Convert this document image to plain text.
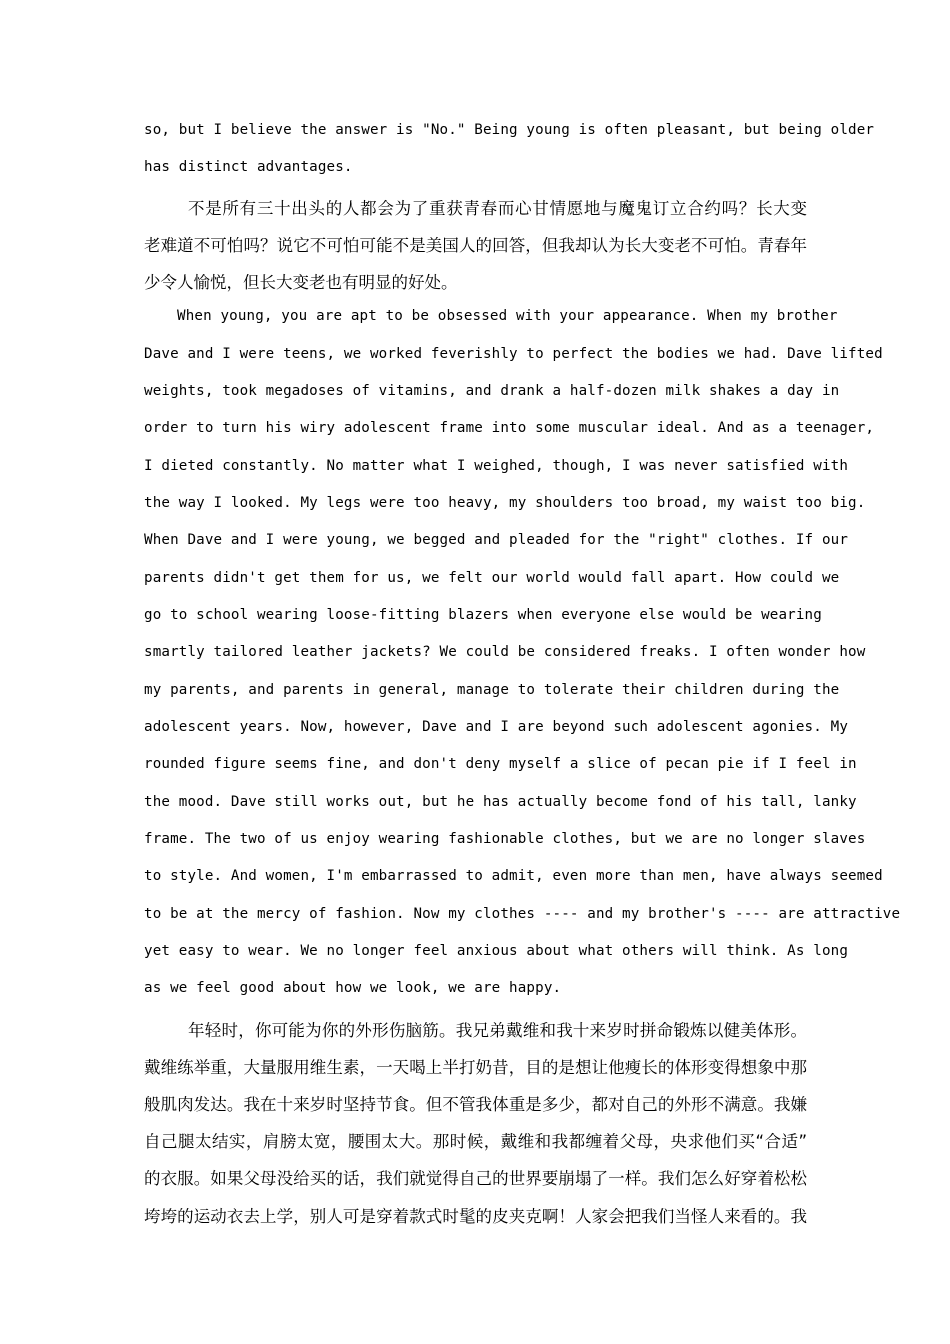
so, but I believe the answer is "No." Being young is often pleasant, but being older
has distinct advantages.
不是所有三十出头的人都会为了重获青春而心甘情愿地与魔鬼订立合约吗？长大变
老难道不可怕吗？说它不可怕可能不是美国人的回答，但我却认为长大变老不可怕。青春年
少令人愉悦，但长大变老也有明显的好处。
When young, you are apt to be obsessed with your appearance. When my brother
Dave and I were teens, we worked feverishly to perfect the bodies we had. Dave lifted
weights, took megadoses of vitamins, and drank a half-dozen milk shakes a day in
order to turn his wiry adolescent frame into some muscular ideal. And as a teenager,
I dieted constantly. No matter what I weighed, though, I was never satisfied with
the way I looked. My legs were too heavy, my shoulders too broad, my waist too big.
When Dave and I were young, we begged and pleaded for the "right" clothes. If our
parents didn't get them for us, we felt our world would fall apart. How could we
go to school wearing loose-fitting blazers when everyone else would be wearing
smartly tailored leather jackets? We could be considered freaks. I often wonder how
my parents, and parents in general, manage to tolerate their children during the
adolescent years. Now, however, Dave and I are beyond such adolescent agonies. My
rounded figure seems fine, and don't deny myself a slice of pecan pie if I feel in
the mood. Dave still works out, but he has actually become fond of his tall, lanky
frame. The two of us enjoy wearing fashionable clothes, but we are no longer slaves
to style. And women, I'm embarrassed to admit, even more than men, have always seemed
to be at the mercy of fashion. Now my clothes ---- and my brother's ---- are attractive
yet easy to wear. We no longer feel anxious about what others will think. As long
as we feel good about how we look, we are happy.
年轻时，你可能为你的外形伤脑筋。我兄弟戴维和我十来岁时拼命锻炼以健美体形。
戴维练举重，大量服用维生素，一天喝上半打奶昔，目的是想让他瘦长的体形变得想象中那
般肌肉发达。我在十来岁时坚持节食。但不管我体重是多少，都对自己的外形不满意。我嫌
自己腿太结实，肩膀太宽，腰围太大。那时候，戴维和我都缠着父母，央求他们买“合适”
的衣服。如果父母没给买的话，我们就觉得自己的世界要崩塌了一样。我们怎么好穿着松松
垮垮的运动衣去上学，别人可是穿着款式时髦的皮夹克啊！人家会把我们当怪人来看的。我
